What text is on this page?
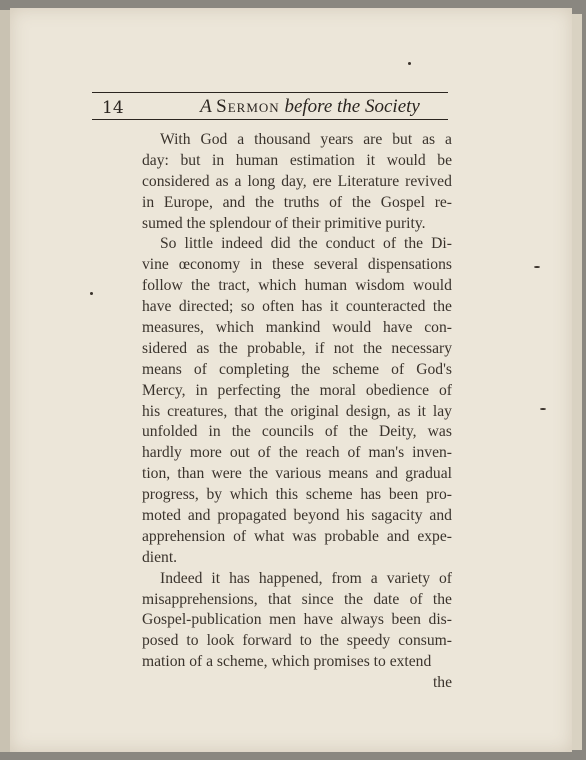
14	A Sermon before the Society
With God a thousand years are but as a
day: but in human estimation it would be
considered as a long day, ere Literature revived
in Europe, and the truths of the Gospel re-
sumed the splendour of their primitive purity.
So little indeed did the conduct of the Di-
vine œconomy in these several dispensations
follow the tract, which human wisdom would
have directed; so often has it counteracted the
measures, which mankind would have con-
sidered as the probable, if not the necessary
means of completing the scheme of God's
Mercy, in perfecting the moral obedience of
his creatures, that the original design, as it lay
unfolded in the councils of the Deity, was
hardly more out of the reach of man's inven-
tion, than were the various means and gradual
progress, by which this scheme has been pro-
moted and propagated beyond his sagacity and
apprehension of what was probable and expe-
dient.
Indeed it has happened, from a variety of
misapprehensions, that since the date of the
Gospel-publication men have always been dis-
posed to look forward to the speedy consum-
mation of a scheme, which promises to extend
the
